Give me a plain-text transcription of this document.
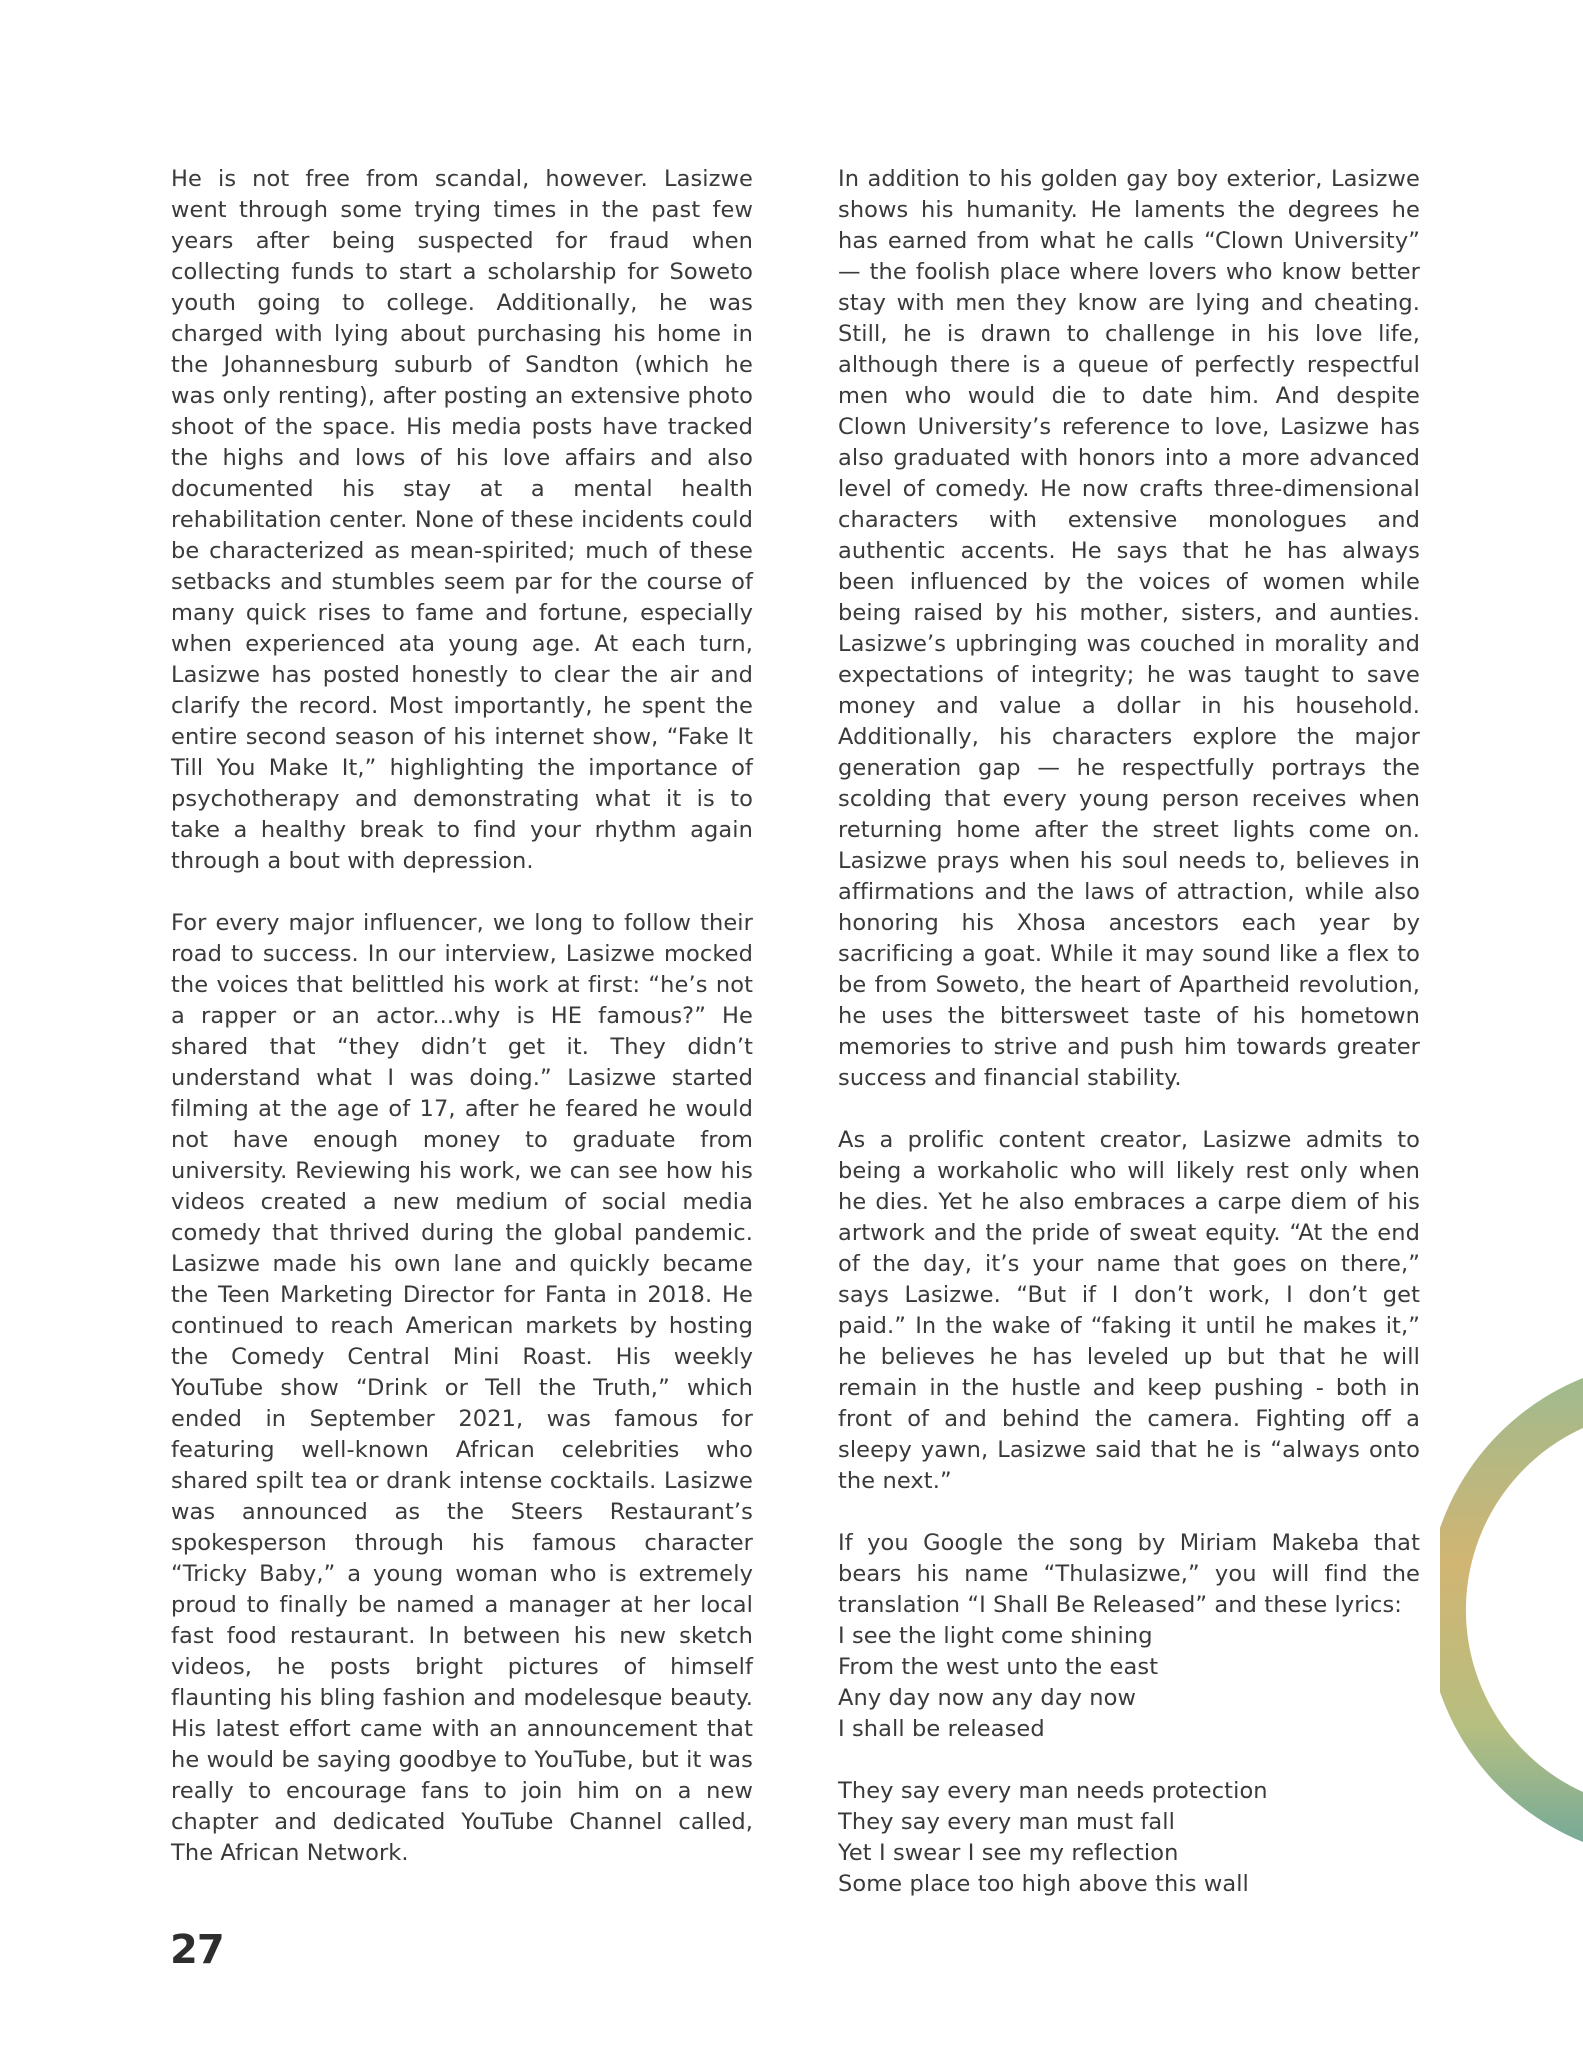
He is not free from scandal, however. Lasizwe went through some trying times in the past few years after being suspected for fraud when collecting funds to start a scholarship for Soweto youth going to college. Additionally, he was charged with lying about purchasing his home in the Johannesburg suburb of Sandton (which he was only renting), after posting an extensive photo shoot of the space. His media posts have tracked the highs and lows of his love affairs and also documented his stay at a mental health rehabilitation center. None of these incidents could be characterized as mean-spirited; much of these setbacks and stumbles seem par for the course of many quick rises to fame and fortune, especially when experienced ata young age. At each turn, Lasizwe has posted honestly to clear the air and clarify the record. Most importantly, he spent the entire second season of his internet show, “Fake It Till You Make It,” highlighting the importance of psychotherapy and demonstrating what it is to take a healthy break to find your rhythm again through a bout with depression.

For every major influencer, we long to follow their road to success. In our interview, Lasizwe mocked the voices that belittled his work at first: “he’s not a rapper or an actor...why is HE famous?” He shared that “they didn’t get it. They didn’t understand what I was doing.” Lasizwe started filming at the age of 17, after he feared he would not have enough money to graduate from university. Reviewing his work, we can see how his videos created a new medium of social media comedy that thrived during the global pandemic. Lasizwe made his own lane and quickly became the Teen Marketing Director for Fanta in 2018. He continued to reach American markets by hosting the Comedy Central Mini Roast. His weekly YouTube show “Drink or Tell the Truth,” which ended in September 2021, was famous for featuring well-known African celebrities who shared spilt tea or drank intense cocktails. Lasizwe was announced as the Steers Restaurant’s spokesperson through his famous character “Tricky Baby,” a young woman who is extremely proud to finally be named a manager at her local fast food restaurant. In between his new sketch videos, he posts bright pictures of himself flaunting his bling fashion and modelesque beauty. His latest effort came with an announcement that he would be saying goodbye to YouTube, but it was really to encourage fans to join him on a new chapter and dedicated YouTube Channel called, The African Network.

In addition to his golden gay boy exterior, Lasizwe shows his humanity. He laments the degrees he has earned from what he calls “Clown University” — the foolish place where lovers who know better stay with men they know are lying and cheating. Still, he is drawn to challenge in his love life, although there is a queue of perfectly respectful men who would die to date him. And despite Clown University’s reference to love, Lasizwe has also graduated with honors into a more advanced level of comedy. He now crafts three-dimensional characters with extensive monologues and authentic accents. He says that he has always been influenced by the voices of women while being raised by his mother, sisters, and aunties. Lasizwe’s upbringing was couched in morality and expectations of integrity; he was taught to save money and value a dollar in his household. Additionally, his characters explore the major generation gap — he respectfully portrays the scolding that every young person receives when returning home after the street lights come on. Lasizwe prays when his soul needs to, believes in affirmations and the laws of attraction, while also honoring his Xhosa ancestors each year by sacrificing a goat. While it may sound like a flex to be from Soweto, the heart of Apartheid revolution, he uses the bittersweet taste of his hometown memories to strive and push him towards greater success and financial stability.

As a prolific content creator, Lasizwe admits to being a workaholic who will likely rest only when he dies. Yet he also embraces a carpe diem of his artwork and the pride of sweat equity. “At the end of the day, it’s your name that goes on there,” says Lasizwe. “But if I don’t work, I don’t get paid.” In the wake of “faking it until he makes it,” he believes he has leveled up but that he will remain in the hustle and keep pushing - both in front of and behind the camera. Fighting off a sleepy yawn, Lasizwe said that he is “always onto the next.”

If you Google the song by Miriam Makeba that bears his name “Thulasizwe,” you will find the translation “I Shall Be Released” and these lyrics:
I see the light come shining
From the west unto the east
Any day now any day now
I shall be released
They say every man needs protection
They say every man must fall
Yet I swear I see my reflection
Some place too high above this wall
27
